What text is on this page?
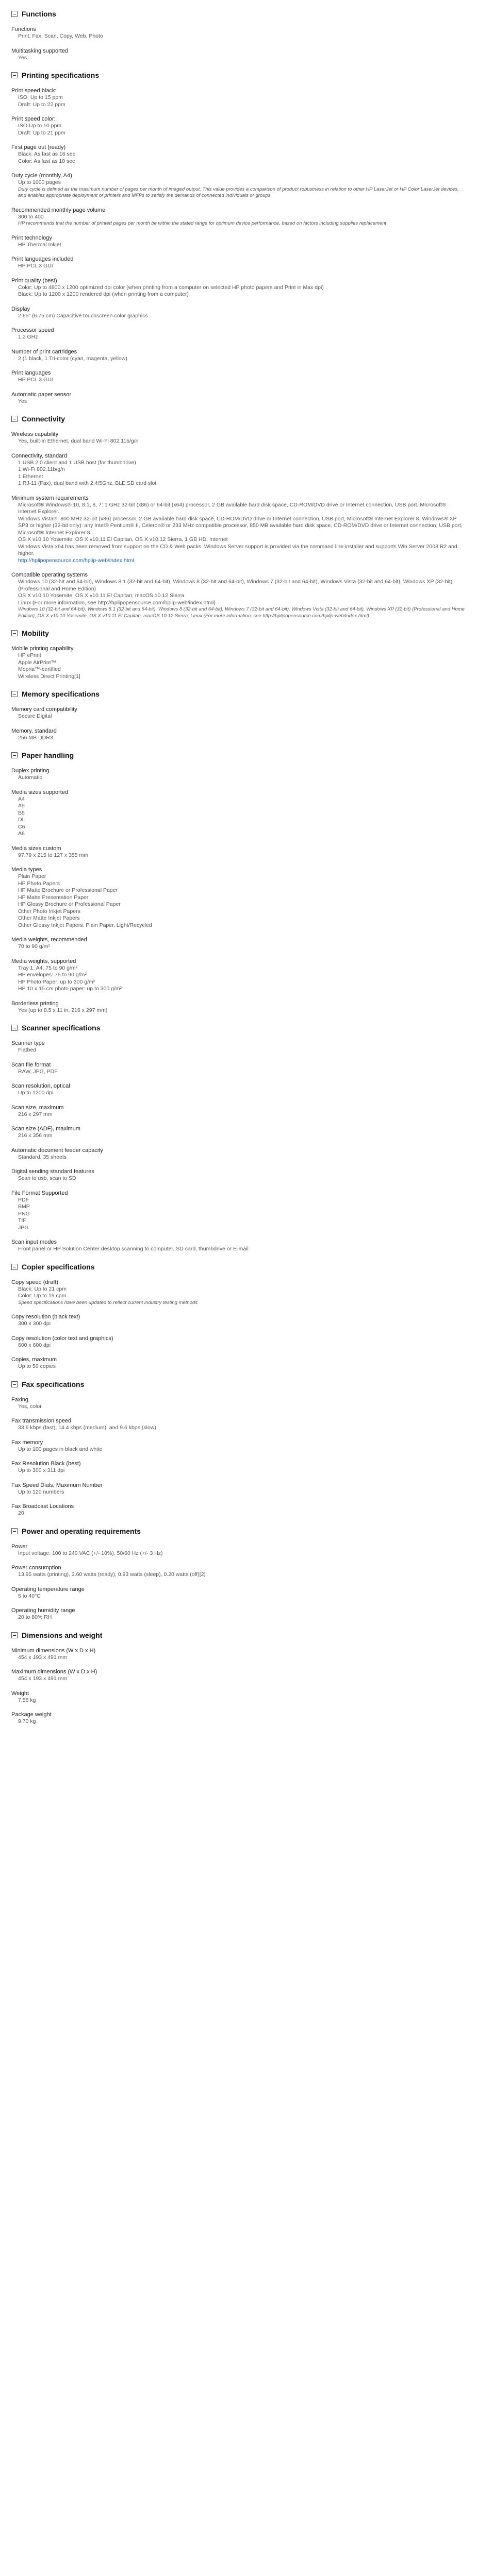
Functions
Functions
Print, Fax, Scan, Copy, Web, Photo
Multitasking supported
Yes
Printing specifications
Print speed black:
ISO: Up to 15 ppm
Draft: Up to 22 ppm
Print speed color:
ISO:Up to 10 ppm
Draft: Up to 21 ppm
First page out (ready)
Black: As fast as 16 sec
Color: As fast as 18 sec
Duty cycle (monthly, A4)
Up to 1000 pages
Duty cycle is defined as the maximum number of pages per month of imaged output. This value provides a comparison of product robustness in relation to other HP LaserJet or HP Color LaserJet devices, and enables appropriate deployment of printers and MFPs to satisfy the demands of connected individuals or groups.
Recommended monthly page volume
300 to 400
HP recommends that the number of printed pages per month be within the stated range for optimum device performance, based on factors including supplies replacement
Print technology
HP Thermal Inkjet
Print languages included
HP PCL 3 GUI
Print quality (best)
Color: Up to 4800 x 1200 optimized dpi color (when printing from a computer on selected HP photo papers and Print in Max dpi)
Black: Up to 1200 x 1200 rendered dpi (when printing from a computer)
Display
2.65" (6.75 cm) Capacitive touchscreen color graphics
Processor speed
1.2 GHz
Number of print cartridges
2 (1 black, 1 Tri-color (cyan, magenta, yellow)
Print languages
HP PCL 3 GUI
Automatic paper sensor
Yes
Connectivity
Wireless capability
Yes, built-in Ethernet, dual band Wi-Fi 802.11b/g/n
Connectivity, standard
1 USB 2.0 client and 1 USB host (for thumbdrive)
1 Wi-Fi 802.11b/g/n
1 Ethernet
1 RJ-11 (Fax), dual band with 2.4/5Ghz, BLE,SD card slot
Minimum system requirements
Microsoft® Windows® 10, 8.1, 8, 7: 1 GHz 32-bit (x86) or 64-bit (x64) processor, 2 GB available hard disk space, CD-ROM/DVD drive or Internet connection, USB port, Microsoft® Internet Explorer.
Windows Vista®: 800 MHz 32-bit (x86) processor, 2 GB available hard disk space, CD-ROM/DVD drive or Internet connection, USB port, Microsoft® Internet Explorer 8. Windows® XP SP3 or higher (32-bit only): any Intel® Pentium® II, Celeron® or 233 MHz compatible processor, 850 MB available hard disk space, CD-ROM/DVD drive or Internet connection, USB port, Microsoft® Internet Explorer 8.
OS X v10.10 Yosemite, OS X v10.11 El Capitan, OS X v10.12 Sierra, 1 GB HD, Internet
Windows Vista x64 has been removed from support on the CD & Web packs. Windows Server support is provided via the command line installer and supports Win Server 2008 R2 and higher.
http://hplipopensource.com/hplip-web/index.html
Compatible operating systems
Windows 10 (32-bit and 64-bit), Windows 8.1 (32-bit and 64-bit), Windows 8 (32-bit and 64-bit), Windows 7 (32-bit and 64-bit), Windows Vista (32-bit and 64-bit), Windows XP (32-bit) (Professional and Home Edition)
OS X v10.10 Yosemite, OS X v10.11 El Capitan, macOS 10.12 Sierra
Linux (For more information, see http://hplipopensource.com/hplip-web/index.html)
Windows 10 (32-bit and 64-bit), Windows 8.1 (32-bit and 64-bit), Windows 8 (32-bit and 64-bit), Windows 7 (32-bit and 64-bit), Windows Vista (32-bit and 64-bit), Windows XP (32-bit) (Professional and Home Edition); OS X v10.10 Yosemite, OS X v10.11 El Capitan, macOS 10.12 Sierra; Linux (For more information, see http://hplipopensource.com/hplip-web/index.html)
Mobility
Mobile printing capability
HP ePrint
Apple AirPrint™
Mopria™-certified
Wireless Direct Printing[1]
Memory specifications
Memory card compatibility
Secure Digital
Memory, standard
256 MB DDR3
Paper handling
Duplex printing
Automatic
Media sizes supported
A4
A5
B5
DL
C6
A6
Media sizes custom
97.79 x 215 to 127 x 355 mm
Media types
Plain Paper
HP Photo Papers
HP Matte Brochure or Professional Paper
HP Matte Presentation Paper
HP Glossy Brochure or Professional Paper
Other Photo Inkjet Papers
Other Matte Inkjet Papers
Other Glossy Inkjet Papers, Plain Paper, Light/Recycled
Media weights, recommended
70 to 90 g/m²
Media weights, supported
Tray 1: A4: 75 to 90 g/m²
HP envelopes: 75 to 90 g/m²
HP Photo Paper: up to 300 g/m²
HP 10 x 15 cm photo paper: up to 300 g/m²
Borderless printing
Yes (up to 8.5 x 11 in, 216 x 297 mm)
Scanner specifications
Scanner type
Flatbed
Scan file format
RAW, JPG, PDF
Scan resolution, optical
Up to 1200 dpi
Scan size, maximum
216 x 297 mm
Scan size (ADF), maximum
216 x 356 mm
Automatic document feeder capacity
Standard, 35 sheets
Digital sending standard features
Scan to usb, scan to SD
File Format Supported
PDF
BMP
PNG
TIF
JPG
Scan input modes
Front panel or HP Solution Center desktop scanning to computer, SD card, thumbdrive or E-mail
Copier specifications
Copy speed (draft)
Black: Up to 21 cpm
Color: Up to 19 cpm
Speed specifications have been updated to reflect current industry testing methods
Copy resolution (black text)
300 x 300 dpi
Copy resolution (color text and graphics)
600 x 600 dpi
Copies, maximum
Up to 50 copies
Fax specifications
Faxing
Yes, color
Fax transmission speed
33.6 kbps (fast), 14.4 kbps (medium), and 9.6 kbps (slow)
Fax memory
Up to 100 pages in black and white
Fax Resolution Black (best)
Up to 300 x 311 dpi
Fax Speed Dials, Maximum Number
Up to 120 numbers
Fax Broadcast Locations
20
Power and operating requirements
Power
Input voltage: 100 to 240 VAC (+/- 10%), 50/60 Hz (+/- 3 Hz)
Power consumption
13.95 watts (printing), 3.60 watts (ready), 0.93 watts (sleep), 0.20 watts (off)[2]
Operating temperature range
5 to 40°C
Operating humidity range
20 to 80% RH
Dimensions and weight
Minimum dimensions (W x D x H)
454 x 193 x 491 mm
Maximum dimensions (W x D x H)
454 x 193 x 491 mm
Weight
7.58 kg
Package weight
9.70 kg
